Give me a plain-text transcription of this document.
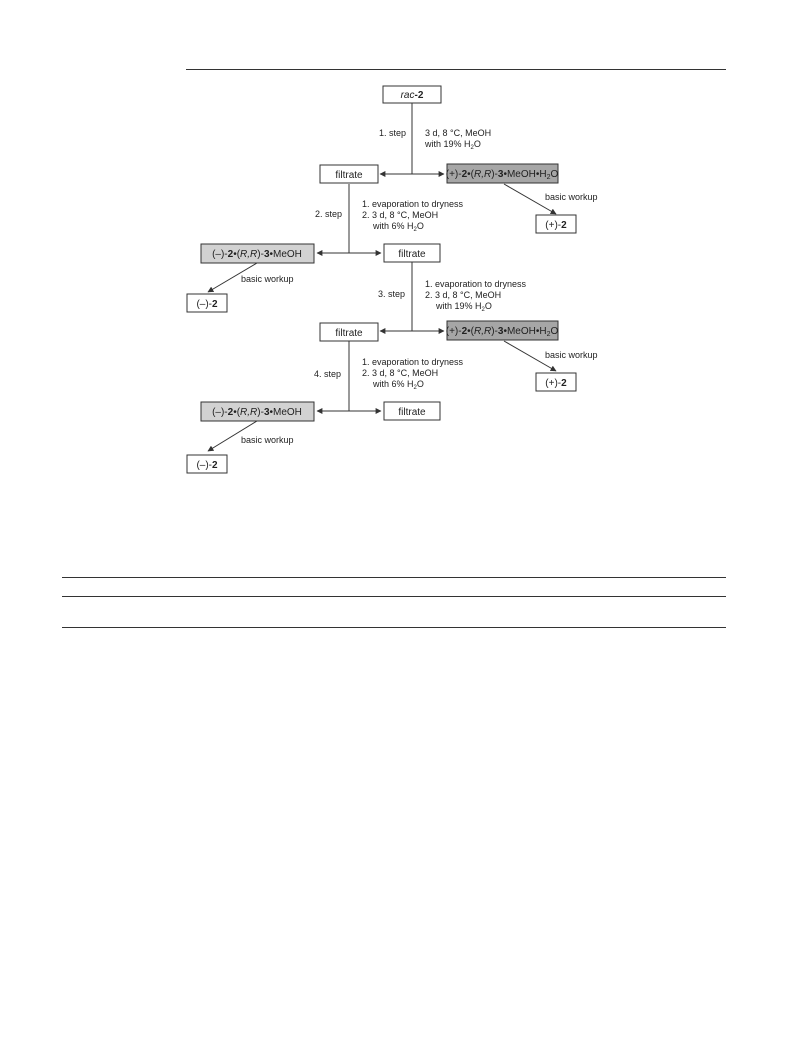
rac-2
filtrate	$(+)-2•(R,R)-3•MeOH•H_2O$
(+)-2
(–)-2•(R,R)-3•MeOH	filtrate
(–)-2
filtrate	$(+)-2•(R,R)-3•MeOH•H_2O$
(+)-2
(–)-2•(R,R)-3•MeOH	filtrate
(–)-2
1. step 3 d, 8 °C, MeOH
with 19% $H_2O$
2. step
1. evaporation to dryness
2. 3 d, 8 °C, MeOH
with 6% $H_2O$
3. step
1. evaporation to dryness
2. 3 d, 8 °C, MeOH
with 19% $H_2O$
4. step
1. evaporation to dryness
2. 3 d, 8 °C, MeOH
with 6% $H_2O$
basic workup
basic workup
basic workup
basic workup
